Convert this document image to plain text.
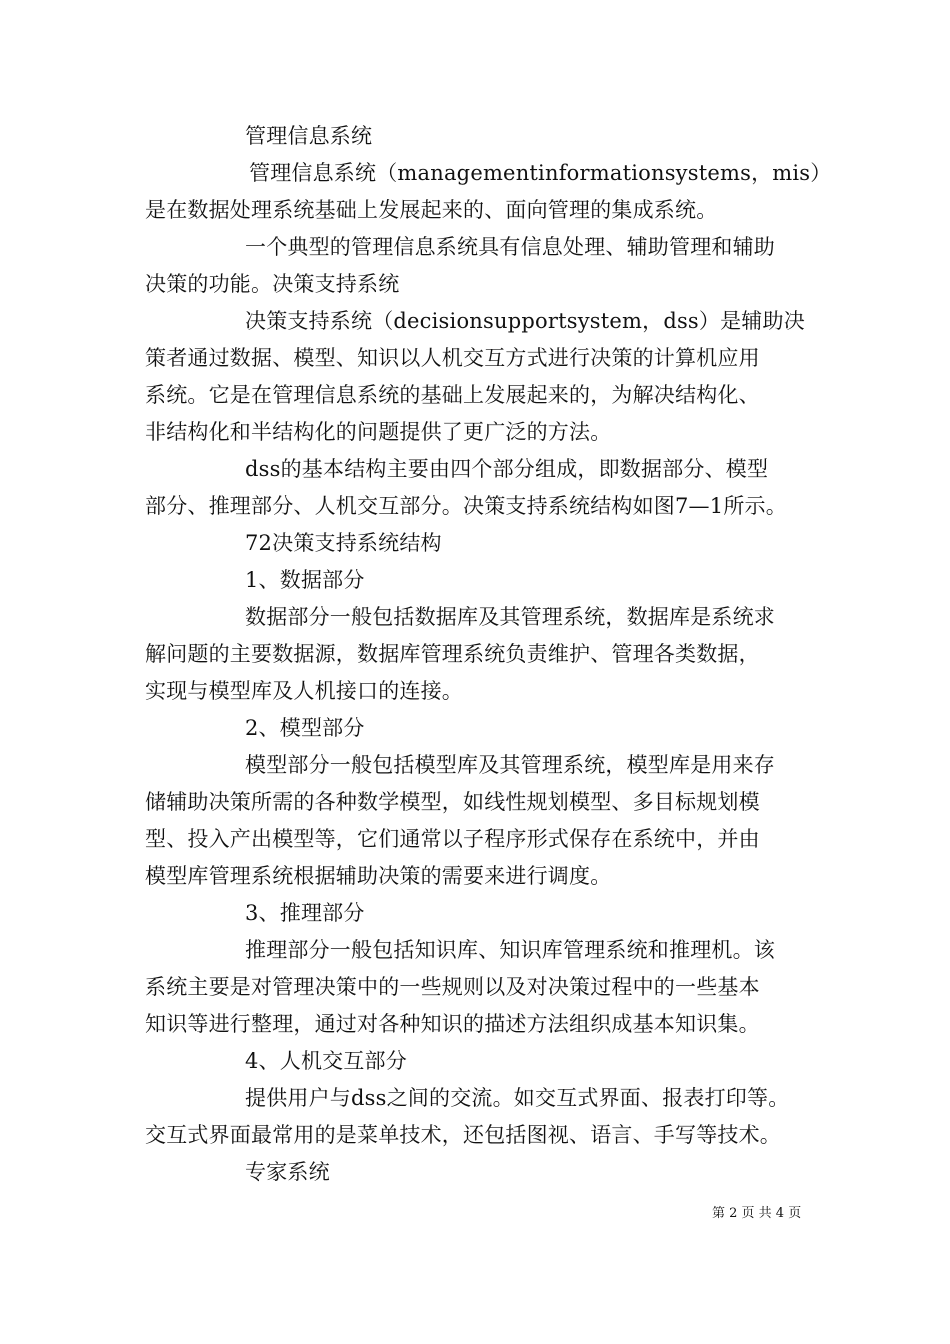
管理信息系统
管理信息系统（managementinformationsystems，mis）
是在数据处理系统基础上发展起来的、面向管理的集成系统。
一个典型的管理信息系统具有信息处理、辅助管理和辅助
决策的功能。决策支持系统
决策支持系统（decisionsupportsystem，dss）是辅助决
策者通过数据、模型、知识以人机交互方式进行决策的计算机应用
系统。它是在管理信息系统的基础上发展起来的，为解决结构化、
非结构化和半结构化的问题提供了更广泛的方法。
dss的基本结构主要由四个部分组成，即数据部分、模型
部分、推理部分、人机交互部分。决策支持系统结构如图7—1所示。
72决策支持系统结构
1、数据部分
数据部分一般包括数据库及其管理系统，数据库是系统求
解问题的主要数据源，数据库管理系统负责维护、管理各类数据，
实现与模型库及人机接口的连接。
2、模型部分
模型部分一般包括模型库及其管理系统，模型库是用来存
储辅助决策所需的各种数学模型，如线性规划模型、多目标规划模
型、投入产出模型等，它们通常以子程序形式保存在系统中，并由
模型库管理系统根据辅助决策的需要来进行调度。
3、推理部分
推理部分一般包括知识库、知识库管理系统和推理机。该
系统主要是对管理决策中的一些规则以及对决策过程中的一些基本
知识等进行整理，通过对各种知识的描述方法组织成基本知识集。
4、人机交互部分
提供用户与dss之间的交流。如交互式界面、报表打印等。
交互式界面最常用的是菜单技术，还包括图视、语言、手写等技术。
专家系统
第 2 页 共 4 页
